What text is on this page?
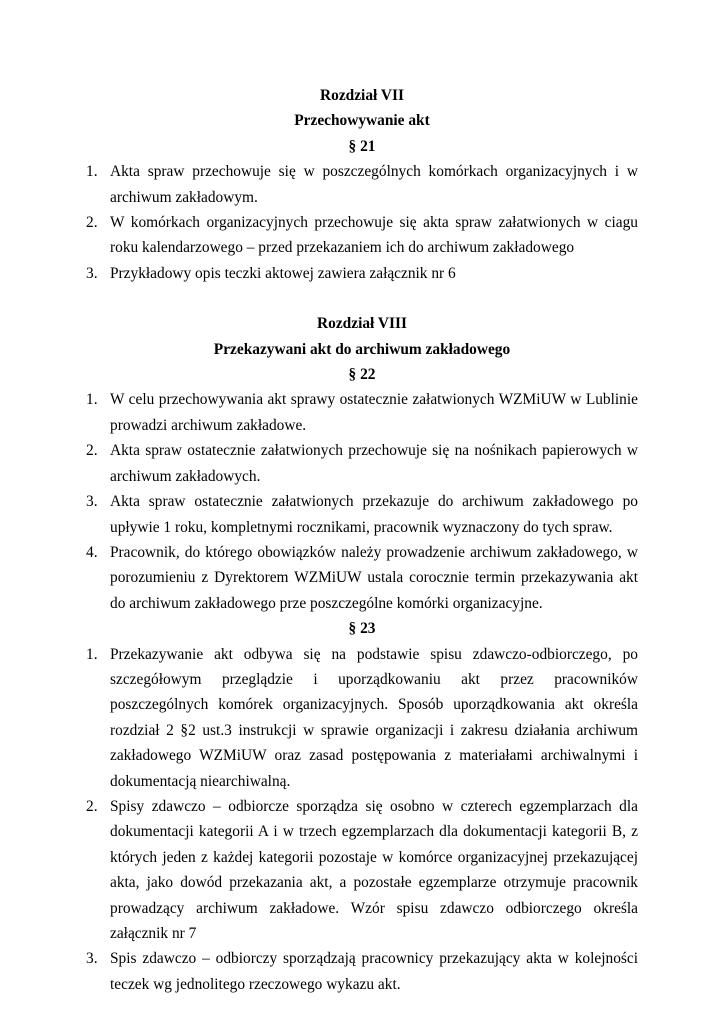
Rozdział VII
Przechowywanie akt
§ 21
1. Akta spraw przechowuje się w poszczególnych komórkach organizacyjnych i w archiwum zakładowym.
2. W komórkach organizacyjnych przechowuje się akta spraw załatwionych w ciagu roku kalendarzowego – przed przekazaniem ich do archiwum zakładowego
3. Przykładowy opis teczki aktowej zawiera załącznik nr 6
Rozdział VIII
Przekazywani akt do archiwum zakładowego
§ 22
1. W celu przechowywania akt sprawy ostatecznie załatwionych WZMiUW w Lublinie prowadzi archiwum zakładowe.
2. Akta spraw ostatecznie załatwionych przechowuje się na nośnikach papierowych w archiwum zakładowych.
3. Akta spraw ostatecznie załatwionych przekazuje do archiwum zakładowego po upływie 1 roku, kompletnymi rocznikami, pracownik wyznaczony do tych spraw.
4. Pracownik, do którego obowiązków należy prowadzenie archiwum zakładowego, w porozumieniu z Dyrektorem WZMiUW ustala corocznie termin przekazywania akt do archiwum zakładowego prze poszczególne komórki organizacyjne.
§ 23
1. Przekazywanie akt odbywa się na podstawie spisu zdawczo-odbiorczego, po szczegółowym przeglądzie i uporządkowaniu akt przez pracowników poszczególnych komórek organizacyjnych. Sposób uporządkowania akt określa rozdział 2 §2 ust.3 instrukcji w sprawie organizacji i zakresu działania archiwum zakładowego WZMiUW oraz zasad postępowania z materiałami archiwalnymi i dokumentacją niearchiwalną.
2. Spisy zdawczo – odbiorcze sporządza się osobno w czterech egzemplarzach dla dokumentacji kategorii A i w trzech egzemplarzach dla dokumentacji kategorii B, z których jeden z każdej kategorii pozostaje w komórce organizacyjnej przekazującej akta, jako dowód przekazania akt, a pozostałe egzemplarze otrzymuje pracownik prowadzący archiwum zakładowe. Wzór spisu zdawczo odbiorczego określa załącznik nr 7
3. Spis zdawczo – odbiorczy sporządzają pracownicy przekazujący akta w kolejności teczek wg jednolitego rzeczowego wykazu akt.
